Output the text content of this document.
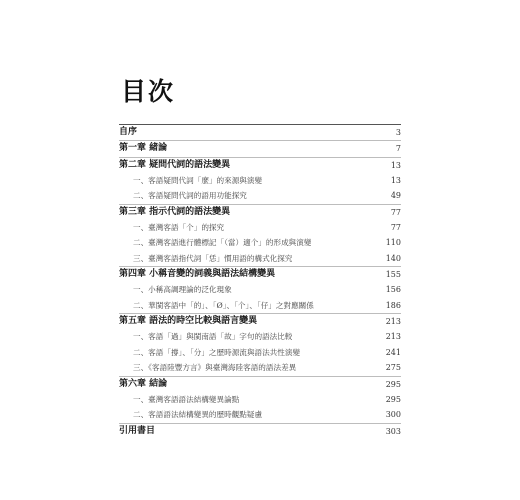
目次
自序	3
第一章 緒論	7
第二章 疑問代詞的語法變異	13
一、客語疑問代詞「麼」的來源與演變	13
二、客語疑問代詞的語用功能探究	49
第三章 指示代詞的語法變異	77
一、臺灣客語「个」的探究	77
二、臺灣客語進行體標記「（當）適个」的形成與演變	110
三、臺灣客語指代詞「恁」慣用語的構式化探究	140
第四章 小稱音變的詞義與語法結構變異	155
一、小稱高調理論的泛化現象	156
二、華閩客語中「的」、「Ø」、「个」、「仔」之對應關係	186
第五章 語法的時空比較與語言變異	213
一、客語「過」與閩南語「故」字句的語法比較	213
二、客語「撐」、「分」之歷時源流與語法共性演變	241
三、《客語陸豐方言》與臺灣海陸客語的語法差異	275
第六章 結論	295
一、臺灣客語語法結構變異論點	295
二、客語語法結構變異的歷時觀點疑慮	300
引用書目	303
